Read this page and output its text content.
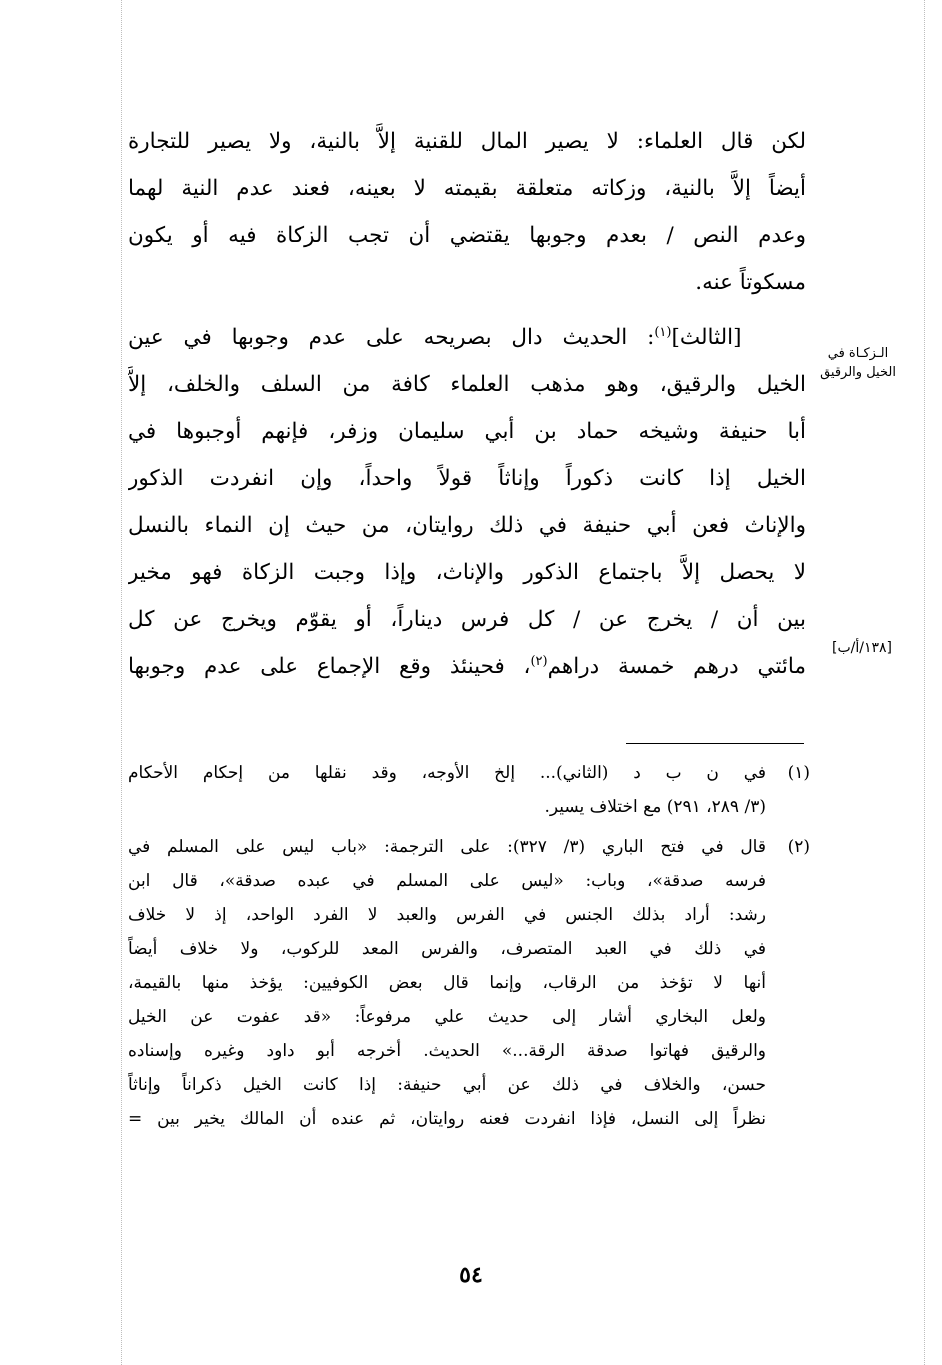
لكن قال العلماء: لا يصير المال للقنية إلاَّ بالنية، ولا يصير للتجارة
أيضاً إلاَّ بالنية، وزكاته متعلقة بقيمته لا بعينه، فعند عدم النية لهما
وعدم النص / بعدم وجوبها يقتضي أن تجب الزكاة فيه أو يكون
مسكوتاً عنه.
   [الثالث]$^{(١)}$: الحديث دال بصريحه على عدم وجوبها في عين
الخيل والرقيق، وهو مذهب العلماء كافة من السلف والخلف، إلاَّ
أبا حنيفة وشيخه حماد بن أبي سليمان وزفر، فإنهم أوجبوها في
الخيل إذا كانت ذكوراً وإناثاً قولاً واحداً، وإن انفردت الذكور
والإناث فعن أبي حنيفة في ذلك روايتان، من حيث إن النماء بالنسل
لا يحصل إلاَّ باجتماع الذكور والإناث، وإذا وجبت الزكاة فهو مخير
بين أن / يخرج عن / كل فرس ديناراً، أو يقوّم ويخرج عن كل
مائتي درهم خمسة دراهم$^{(٢)}$، فحينئذ وقع الإجماع على عدم وجوبها
الـزكـاة في
الخيل والرقيق
[١٣٨/أ/ب]
(١)
في ن ب د (الثاني)... إلخ الأوجه، وقد نقلها من إحكام الأحكام
(٣/ ٢٨٩، ٢٩١) مع اختلاف يسير.
(٢)
قال في فتح الباري (٣/ ٣٢٧): على الترجمة: «باب ليس على المسلم في
فرسه صدقة»، وباب: «ليس على المسلم في عبده صدقة»، قال ابن
رشد: أراد بذلك الجنس في الفرس والعبد لا الفرد الواحد، إذ لا خلاف
في ذلك في العبد المتصرف، والفرس المعد للركوب، ولا خلاف أيضاً
أنها لا تؤخذ من الرقاب، وإنما قال بعض الكوفيين: يؤخذ منها بالقيمة،
ولعل البخاري أشار إلى حديث علي مرفوعاً: «قد عفوت عن الخيل
والرقيق فهاتوا صدقة الرقة...» الحديث. أخرجه أبو داود وغيره وإسناده
حسن، والخلاف في ذلك عن أبي حنيفة: إذا كانت الخيل ذكراناً وإناثاً
نظراً إلى النسل، فإذا انفردت فعنه روايتان، ثم عنده أن المالك يخير بين =
٥٤
